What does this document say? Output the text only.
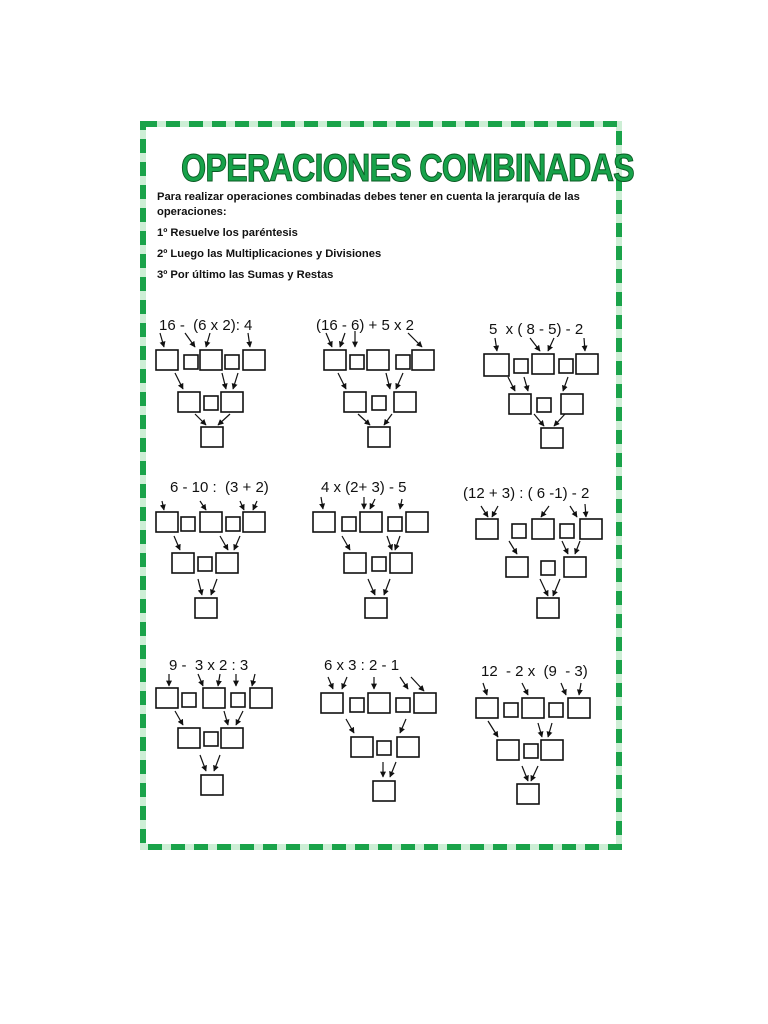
OPERACIONES COMBINADAS
Para realizar operaciones combinadas debes tener en cuenta la jerarquía de las operaciones:
1º Resuelve los paréntesis
2º Luego las Multiplicaciones y Divisiones
3º Por último las Sumas y Restas
16 -  (6 x 2): 4	(16 - 6) + 5 x 2	5  x ( 8 - 5) - 2
6 - 10 :  (3 + 2)	4 x (2+ 3) - 5	(12 + 3) : ( 6 -1) - 2
9 -  3 x 2 : 3	6 x 3 : 2 - 1	12  - 2 x  (9  - 3)
